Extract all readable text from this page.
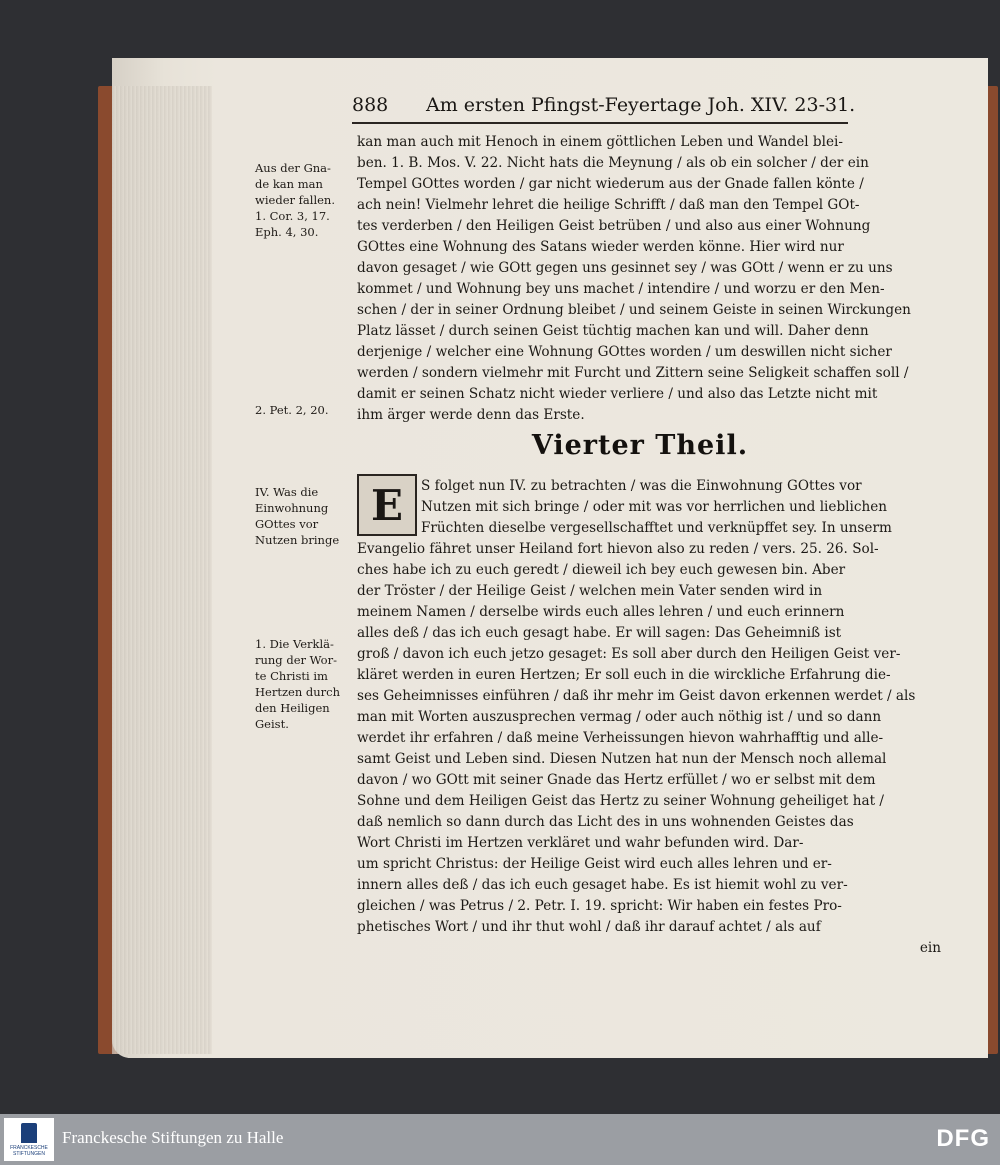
888 Am ersten Pfingst-Feyertage Joh. XIV. 23-31.
Aus der Gna-
de kan man
wieder fallen.
1. Cor. 3, 17.
Eph. 4, 30.
2. Pet. 2, 20.
IV. Was die
Einwohnung
GOttes vor
Nutzen bringe
1. Die Verklä-
rung der Wor-
te Christi im
Hertzen durch
den Heiligen
Geist.
kan man auch mit Henoch in einem göttlichen Leben und Wandel blei-
ben. 1. B. Mos. V. 22. Nicht hats die Meynung / als ob ein solcher / der ein
Tempel GOttes worden / gar nicht wiederum aus der Gnade fallen könte /
ach nein! Vielmehr lehret die heilige Schrifft / daß man den Tempel GOt-
tes verderben / den Heiligen Geist betrüben / und also aus einer Wohnung
GOttes eine Wohnung des Satans wieder werden könne. Hier wird nur
davon gesaget / wie GOtt gegen uns gesinnet sey / was GOtt / wenn er zu uns
kommet / und Wohnung bey uns machet / intendire / und worzu er den Men-
schen / der in seiner Ordnung bleibet / und seinem Geiste in seinen Wirckungen
Platz lässet / durch seinen Geist tüchtig machen kan und will. Daher denn
derjenige / welcher eine Wohnung GOttes worden / um deswillen nicht sicher
werden / sondern vielmehr mit Furcht und Zittern seine Seligkeit schaffen soll /
damit er seinen Schatz nicht wieder verliere / und also das Letzte nicht mit
ihm ärger werde denn das Erste.
Vierter Theil.
E	S folget nun IV. zu betrachten / was die Einwohnung GOttes vor
Nutzen mit sich bringe / oder mit was vor herrlichen und lieblichen
Früchten dieselbe vergesellschafftet und verknüpffet sey. In unserm
Evangelio fähret unser Heiland fort hievon also zu reden / vers. 25. 26. Sol-
ches habe ich zu euch geredt / dieweil ich bey euch gewesen bin. Aber
der Tröster / der Heilige Geist / welchen mein Vater senden wird in
meinem Namen / derselbe wirds euch alles lehren / und euch erinnern
alles deß / das ich euch gesagt habe. Er will sagen: Das Geheimniß ist
groß / davon ich euch jetzo gesaget: Es soll aber durch den Heiligen Geist ver-
kläret werden in euren Hertzen; Er soll euch in die wirckliche Erfahrung die-
ses Geheimnisses einführen / daß ihr mehr im Geist davon erkennen werdet / als
man mit Worten auszusprechen vermag / oder auch nöthig ist / und so dann
werdet ihr erfahren / daß meine Verheissungen hievon wahrhafftig und alle-
samt Geist und Leben sind. Diesen Nutzen hat nun der Mensch noch allemal
davon / wo GOtt mit seiner Gnade das Hertz erfüllet / wo er selbst mit dem
Sohne und dem Heiligen Geist das Hertz zu seiner Wohnung geheiliget hat /
daß nemlich so dann durch das Licht des in uns wohnenden Geistes das
Wort Christi im Hertzen verkläret und wahr befunden wird. Dar-
um spricht Christus: der Heilige Geist wird euch alles lehren und er-
innern alles deß / das ich euch gesaget habe. Es ist hiemit wohl zu ver-
gleichen / was Petrus / 2. Petr. I. 19. spricht: Wir haben ein festes Pro-
phetisches Wort / und ihr thut wohl / daß ihr darauf achtet / als auf
ein
FRANCKESCHE STIFTUNGEN
Franckesche Stiftungen zu Halle	DFG
